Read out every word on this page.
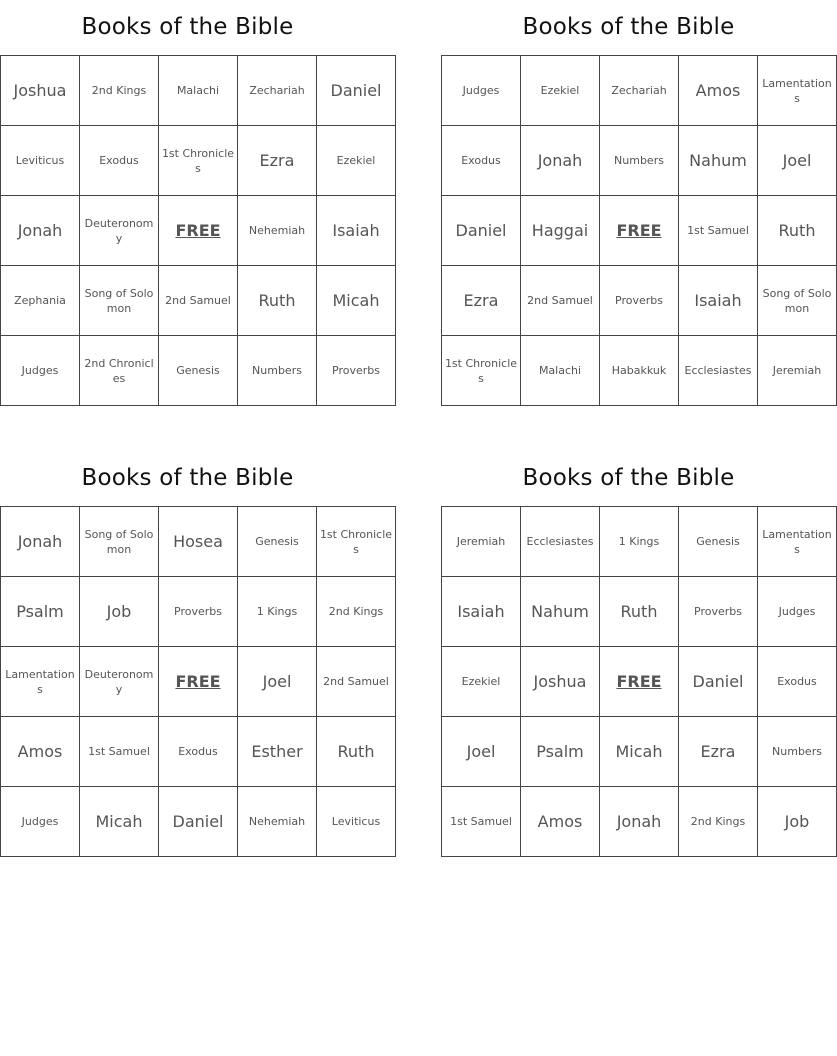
Books of the Bible
Joshua	2nd Kings	Malachi	Zechariah	Daniel
Leviticus	Exodus	1st Chronicles	Ezra	Ezekiel
Jonah	Deuteronomy	FREE	Nehemiah	Isaiah
Zephania	Song of Solomon	2nd Samuel	Ruth	Micah
Judges	2nd Chronicles	Genesis	Numbers	Proverbs
Books of the Bible
Judges	Ezekiel	Zechariah	Amos	Lamentations
Exodus	Jonah	Numbers	Nahum	Joel
Daniel	Haggai	FREE	1st Samuel	Ruth
Ezra	2nd Samuel	Proverbs	Isaiah	Song of Solomon
1st Chronicles	Malachi	Habakkuk	Ecclesiastes	Jeremiah
Books of the Bible
Jonah	Song of Solomon	Hosea	Genesis	1st Chronicles
Psalm	Job	Proverbs	1 Kings	2nd Kings
Lamentations	Deuteronomy	FREE	Joel	2nd Samuel
Amos	1st Samuel	Exodus	Esther	Ruth
Judges	Micah	Daniel	Nehemiah	Leviticus
Books of the Bible
Jeremiah	Ecclesiastes	1 Kings	Genesis	Lamentations
Isaiah	Nahum	Ruth	Proverbs	Judges
Ezekiel	Joshua	FREE	Daniel	Exodus
Joel	Psalm	Micah	Ezra	Numbers
1st Samuel	Amos	Jonah	2nd Kings	Job
